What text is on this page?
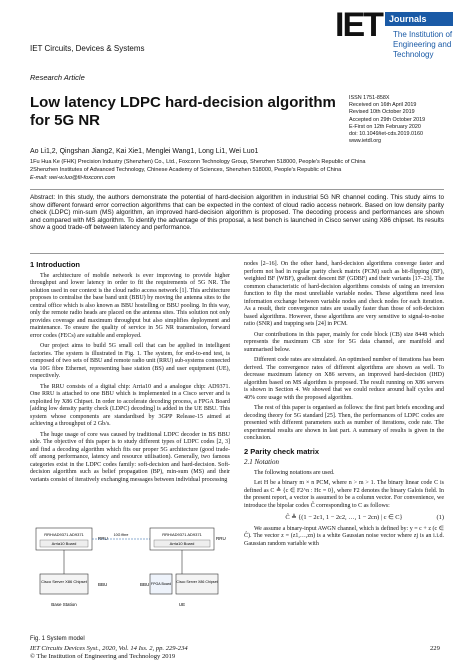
IET Circuits, Devices & Systems
Research Article
IET Journals
The Institution of Engineering and Technology
Low latency LDPC hard-decision algorithm for 5G NR
ISSN 1751-858X
Received on 16th April 2019
Revised 10th October 2019
Accepted on 29th October 2019
E-First on 12th February 2020
doi: 10.1049/iet-cds.2019.0160
www.ietdl.org
Ao Li1,2, Qingshan Jiang2, Kai Xie1, Menglei Wang1, Long Li1, Wei Luo1
1Fu Hua Ke (FHK) Precision Industry (Shenzhen) Co., Ltd., Foxconn Technology Group, Shenzhen 518000, People's Republic of China
2Shenzhen Institutes of Advanced Technology, Chinese Academy of Sciences, Shenzhen 518000, People's Republic of China
E-mail: wei-w.luo@fii-foxconn.com
Abstract: In this study, the authors demonstrate the potential of hard-decision algorithm in industrial 5G NR channel coding. This study aims to show different forward error correction algorithms that can be expected in the context of cloud radio access network. Based on low density parity check (LDPC) min-sum (MS) algorithm, an improved hard-decision algorithm is proposed. The decoding process and performances are shown and compared with MS algorithm. To identify the advantage of this proposal, a test bench is launched in Cisco server using X86 chipset. Its results show a good trade-off between latency and performance.
1 Introduction

The architecture of mobile network is ever improving to provide higher throughput and lower latency in order to fit the requirements of 5G NR. The solution used in our context is the cloud radio access network [1]. This architecture proposes to centralise the base band unit (BBU) by moving the antenna sites to the central office which is also known as BBU hostelling or BBU pooling. In this way, only the remote radio heads are placed on the antenna sites. This solution not only provides coverage and maximum throughput but also simplifies deployment and maintenance. To ensure the quality of service in 5G NR transmission, forward error codes (FECs) are suitable and employed.

Our project aims to build 5G small cell that can be applied in intelligent factories. The system is illustrated in Fig. 1. The system, for end-to-end test, is composed of two sets of BBU and remote radio unit (RRU) sub-systems connected via 10G fibre Ethernet, representing base station (BS) and user equipment (UE), respectively.

The RRU consists of a digital chip: Arria10 and a analogue chip: AD9371. One RRU is attached to one BBU which is implemented in a Cisco server and is exploited by X86 Chipset. In order to accelerate decoding process, a FPGA Board [aiding low density parity check (LDPC) decoding] is added in the UE BBU. This system whose components are standardised by 3GPP Release-15 aimed at achieving a throughput of 2 Gb/s.

The huge usage of core was caused by traditional LDPC decoder in BS BBU side. The objective of this paper is to study different types of LDPC codes [2, 3] and find a decoding algorithm which fits our proper 5G architecture (good trade-off among performance, latency and resource utilisation). Generally, two famous categories exist in the LDPC codes family: soft-decision and hard-decision. Soft-decision algorithm such as belief propagation (BP), min-sum (MS) and their variants consist of iteratively exchanging messages between individual processing

RRH/AD9371 AD9371
Arria10 Board
Cisco Server X86 Chipset
BBU
RRU
Base Station
10G fibre	RRH/AD9371 AD9371
Arria10 Board
FPGA Board Cisco Server X86 Chipset
BBU
RRU
UE
Fig. 1 System model

nodes [2–16]. On the other hand, hard-decision algorithms converge faster and perform not bad in regular parity check matrix (PCM) such as bit-flipping (BF), weighted BF (WBF), gradient descent BF (GDBF) and their variants [17–23]. The common characteristic of hard-decision algorithms consists of using an inversion function to flip the most unreliable variable nodes. These algorithms need less information exchange between variable nodes and check nodes for each iteration. As a result, their convergence rates are usually faster than those of soft-decision based algorithms. However, these algorithms are very sensitive to signal-to-noise ratio (SNR) and trapping sets [24] in PCM.

Our contributions in this paper, mainly for code block (CB) size 8448 which represents the maximum CB size for 5G data channel, are manifold and summarised below.

Different code rates are simulated. An optimised number of iterations has been derived. The convergence rates of different algorithms are shown as well. To decrease maximum latency on X86 servers, an improved hard-decision (IHD) algorithm based on MS algorithm is proposed. The result running on X86 servers is shown in Section 4. We showed that we could reduce around half cycles and 40% core usage with the proposed algorithm.

The rest of this paper is organised as follows: the first part briefs encoding and decoding theory for 5G standard [25]. Then, the performances of LDPC codes are presented with different parameters such as number of iterations, code rate. The experimental results are shown in last part. A summary of results is given in the conclusion.

2 Parity check matrix
2.1 Notation

The following notations are used.

Let H be a binary m × n PCM, where n > m > 1. The binary linear code C is defined as C ≜ {c ∈ F2^n : Hc = 0}, where F2 denotes the binary Galois field. In the present report, a vector is assumed to be a column vector. For convenience, we introduce the bipolar codes Ĉ corresponding to C as follows:

Ĉ ≜ {(1 − 2c1, 1 − 2c2, …, 1 − 2cn) | c ∈ C}	(1)

We assume a binary-input AWGN channel, which is defined by: y = c + z (c ∈ Ĉ). The vector z = (z1,…,zn) is a white Gaussian noise vector where zj is an i.i.d. Gaussian random variable with

IET Circuits Devices Syst., 2020, Vol. 14 Iss. 2, pp. 229-234
© The Institution of Engineering and Technology 2019
229
